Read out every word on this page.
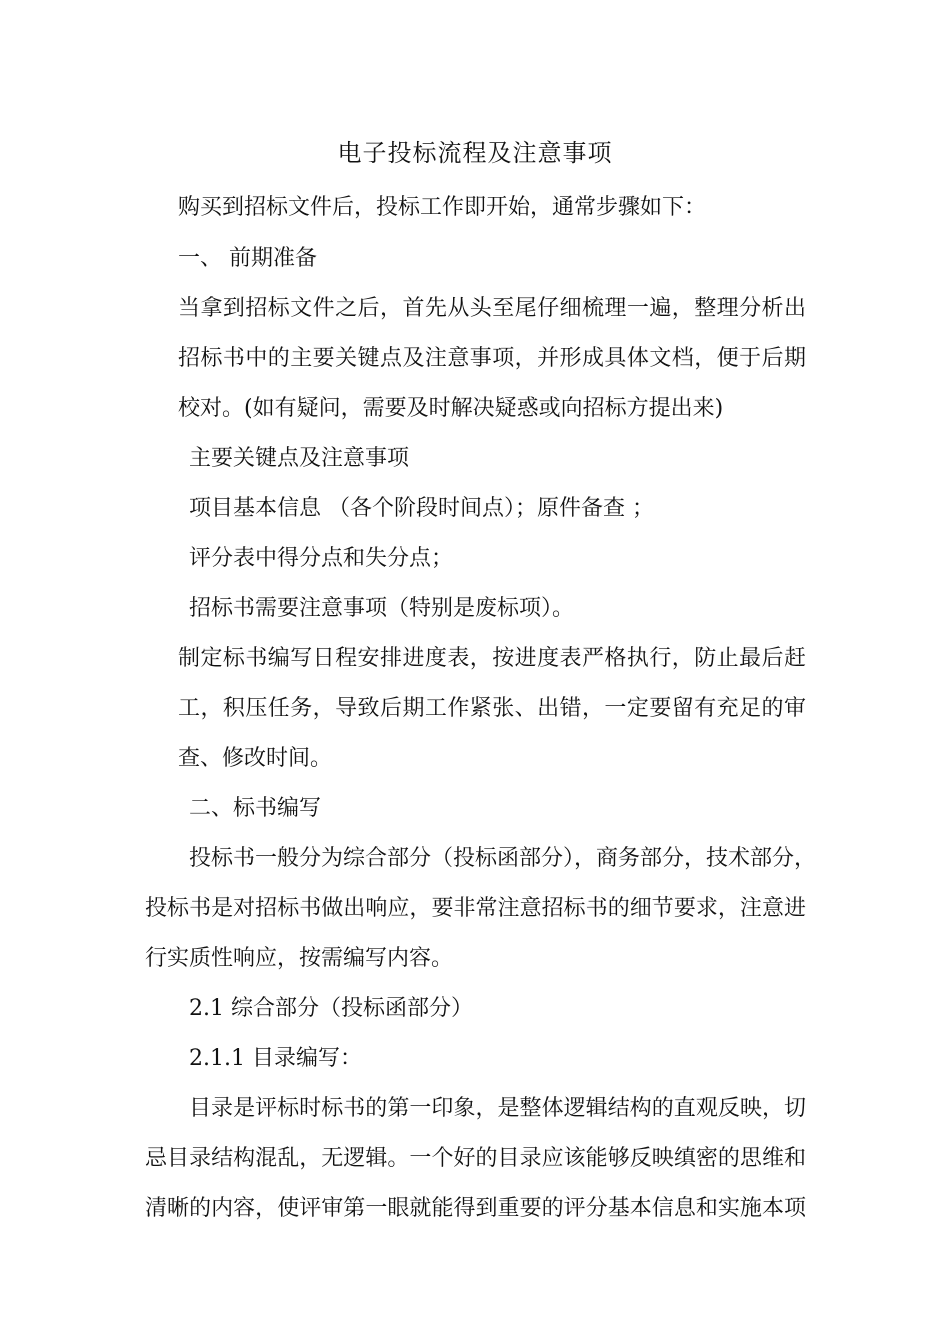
电子投标流程及注意事项
购买到招标文件后，投标工作即开始，通常步骤如下：
一、 前期准备
当拿到招标文件之后，首先从头至尾仔细梳理一遍，整理分析出
招标书中的主要关键点及注意事项，并形成具体文档，便于后期
校对。(如有疑问，需要及时解决疑惑或向招标方提出来)
主要关键点及注意事项
项目基本信息 （各个阶段时间点）；原件备查 ；
评分表中得分点和失分点；
招标书需要注意事项（特别是废标项）。
制定标书编写日程安排进度表，按进度表严格执行，防止最后赶
工，积压任务，导致后期工作紧张、出错，一定要留有充足的审
查、修改时间。
二、标书编写
投标书一般分为综合部分（投标函部分），商务部分，技术部分，
投标书是对招标书做出响应，要非常注意招标书的细节要求，注意进
行实质性响应，按需编写内容。
2.1 综合部分（投标函部分）
2.1.1 目录编写：
目录是评标时标书的第一印象，是整体逻辑结构的直观反映，切
忌目录结构混乱，无逻辑。一个好的目录应该能够反映缜密的思维和
清晰的内容，使评审第一眼就能得到重要的评分基本信息和实施本项
